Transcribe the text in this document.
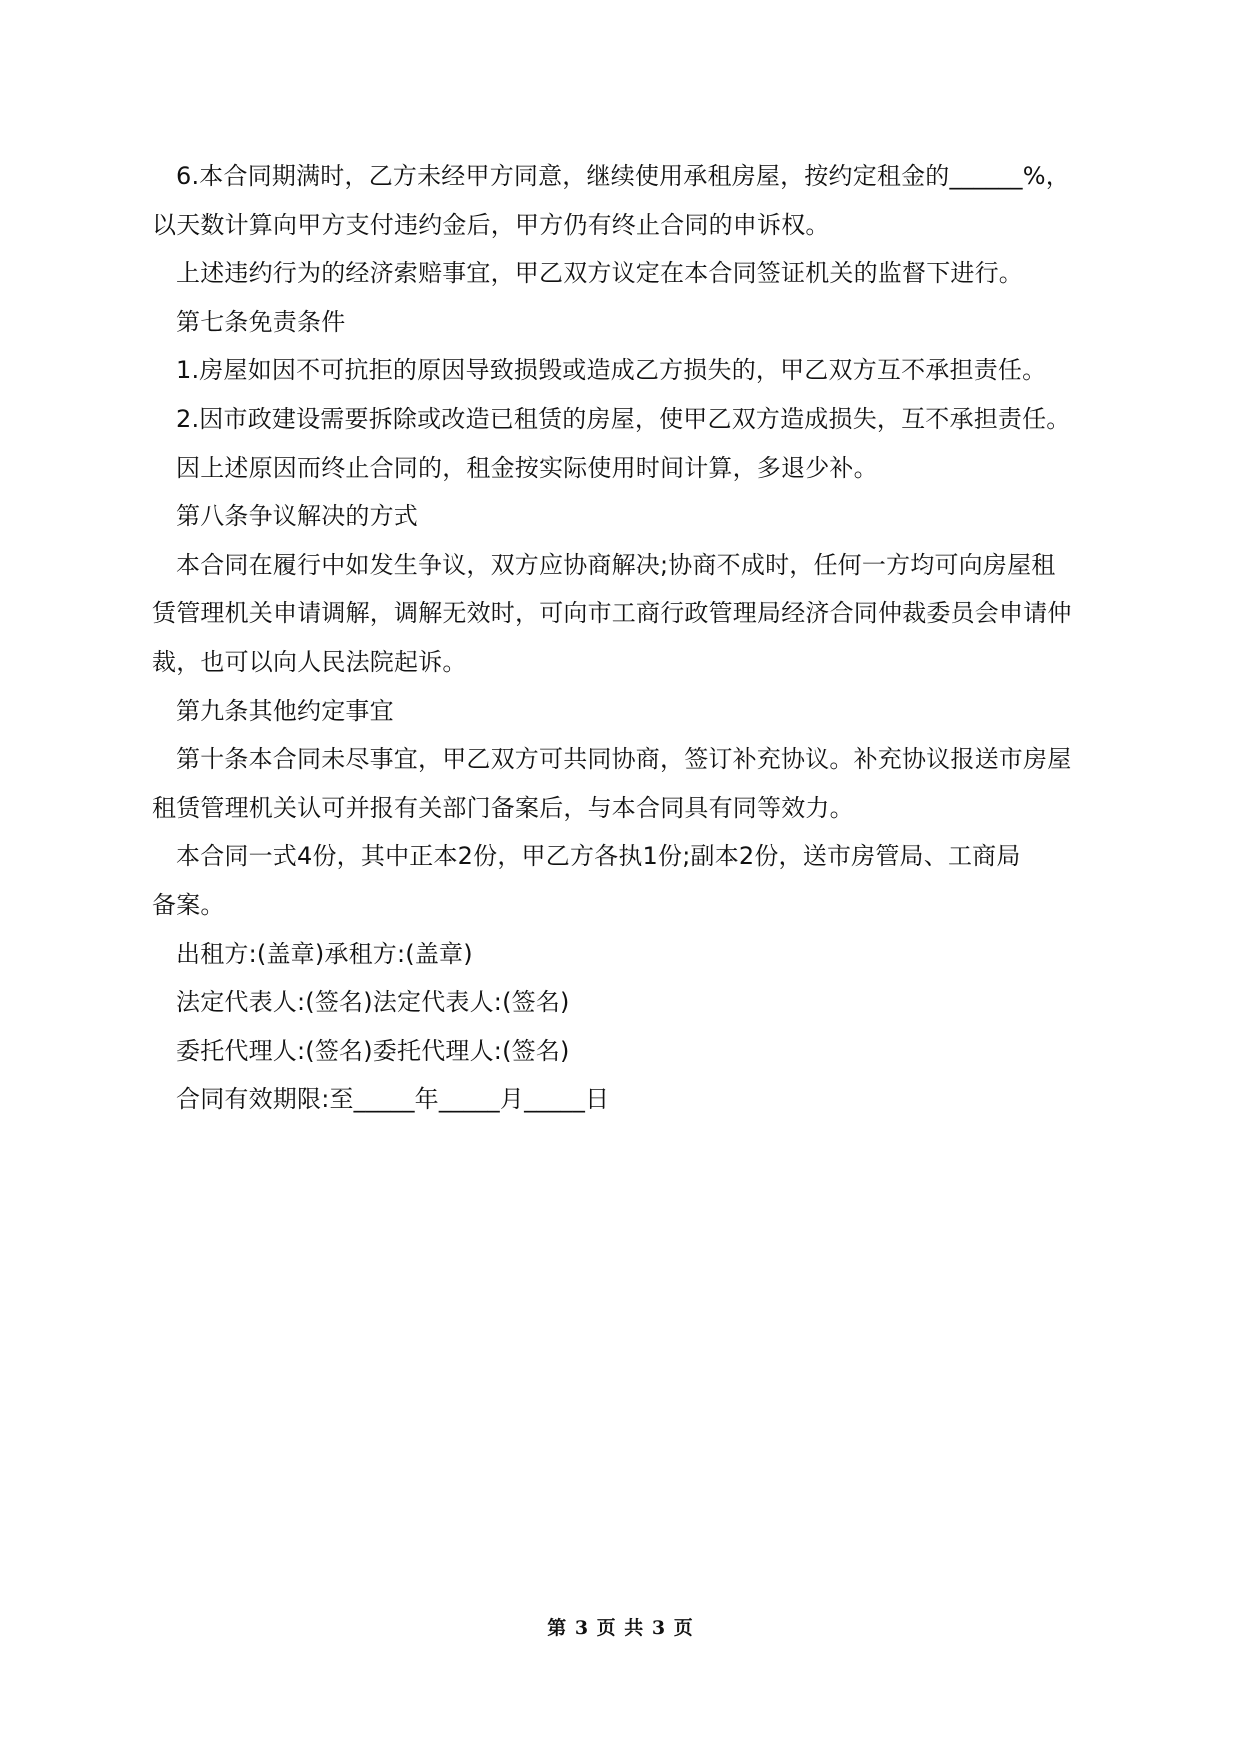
6.本合同期满时，乙方未经甲方同意，继续使用承租房屋，按约定租金的______%，
以天数计算向甲方支付违约金后，甲方仍有终止合同的申诉权。
上述违约行为的经济索赔事宜，甲乙双方议定在本合同签证机关的监督下进行。
第七条免责条件
1.房屋如因不可抗拒的原因导致损毁或造成乙方损失的，甲乙双方互不承担责任。
2.因市政建设需要拆除或改造已租赁的房屋，使甲乙双方造成损失，互不承担责任。
因上述原因而终止合同的，租金按实际使用时间计算，多退少补。
第八条争议解决的方式
本合同在履行中如发生争议，双方应协商解决;协商不成时，任何一方均可向房屋租
赁管理机关申请调解，调解无效时，可向市工商行政管理局经济合同仲裁委员会申请仲
裁，也可以向人民法院起诉。
第九条其他约定事宜
第十条本合同未尽事宜，甲乙双方可共同协商，签订补充协议。补充协议报送市房屋
租赁管理机关认可并报有关部门备案后，与本合同具有同等效力。
本合同一式4份，其中正本2份，甲乙方各执1份;副本2份，送市房管局、工商局
备案。
出租方:(盖章)承租方:(盖章)
法定代表人:(签名)法定代表人:(签名)
委托代理人:(签名)委托代理人:(签名)
合同有效期限:至_____年_____月_____日
第 3 页 共 3 页
